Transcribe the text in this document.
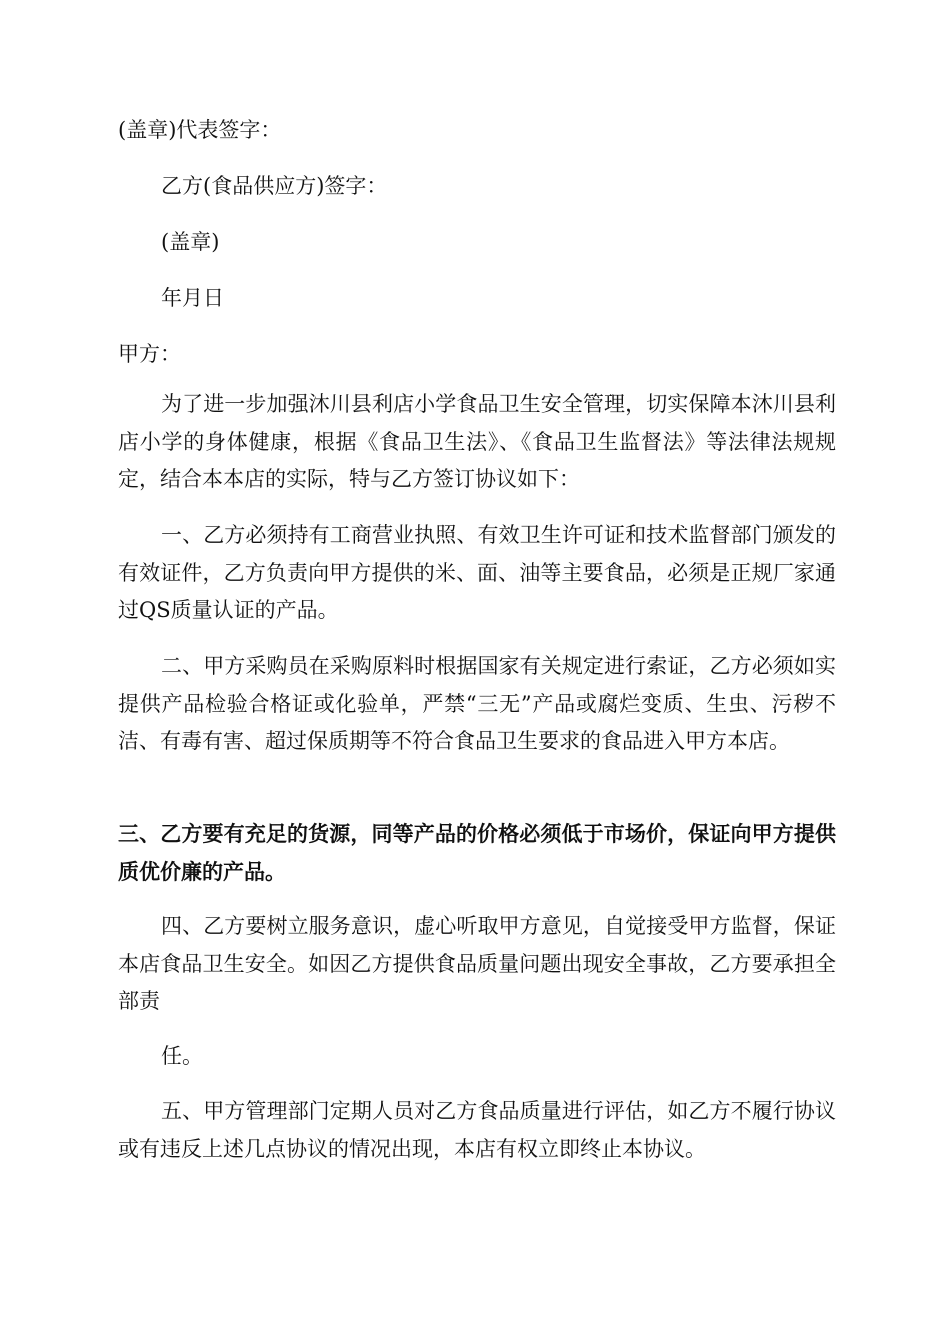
(盖章)代表签字：

乙方(食品供应方)签字：

(盖章)

年月日

甲方：

为了进一步加强沐川县利店小学食品卫生安全管理，切实保障本沐川县利店小学的身体健康，根据《食品卫生法》、《食品卫生监督法》等法律法规规定，结合本本店的实际，特与乙方签订协议如下：

一、乙方必须持有工商营业执照、有效卫生许可证和技术监督部门颁发的有效证件，乙方负责向甲方提供的米、面、油等主要食品，必须是正规厂家通过QS质量认证的产品。

二、甲方采购员在采购原料时根据国家有关规定进行索证，乙方必须如实提供产品检验合格证或化验单，严禁“三无”产品或腐烂变质、生虫、污秽不洁、有毒有害、超过保质期等不符合食品卫生要求的食品进入甲方本店。

三、乙方要有充足的货源，同等产品的价格必须低于市场价，保证向甲方提供质优价廉的产品。

四、乙方要树立服务意识，虚心听取甲方意见，自觉接受甲方监督，保证本店食品卫生安全。如因乙方提供食品质量问题出现安全事故，乙方要承担全部责

任。

五、甲方管理部门定期人员对乙方食品质量进行评估，如乙方不履行协议或有违反上述几点协议的情况出现，本店有权立即终止本协议。
